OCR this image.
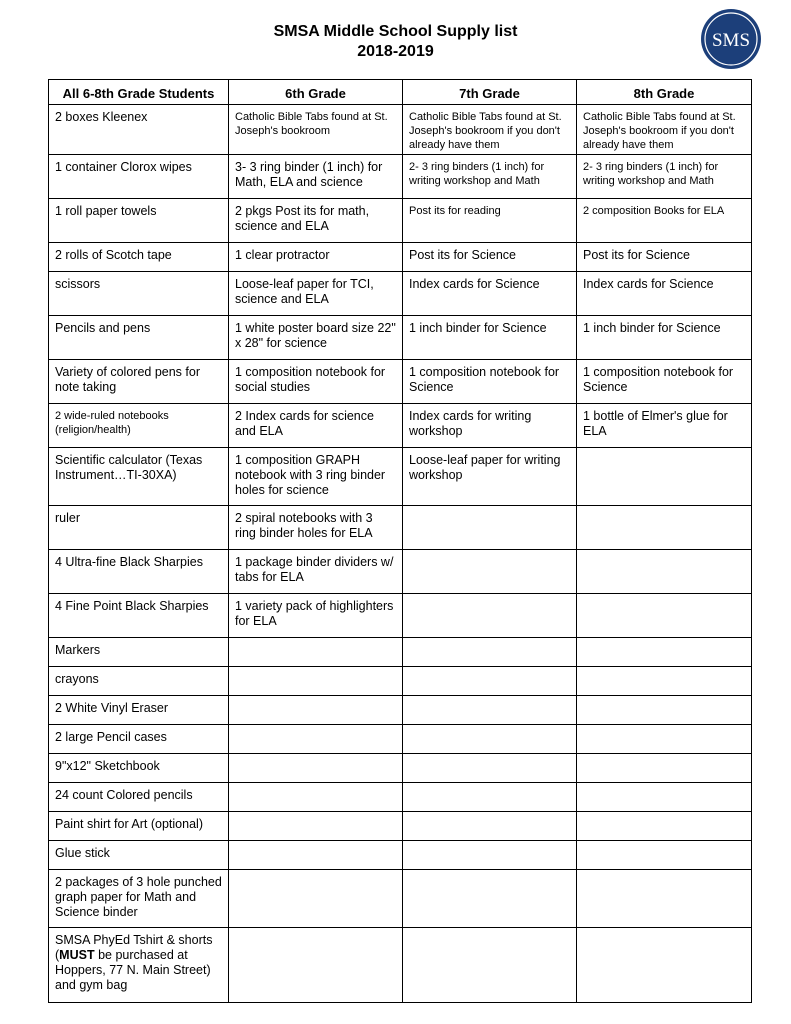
SMSA Middle School Supply list
2018-2019
SMS
All 6-8th Grade Students	6th Grade	7th Grade	8th Grade
2 boxes Kleenex	Catholic Bible Tabs found at St. Joseph's bookroom	Catholic Bible Tabs found at St. Joseph's bookroom if you don't already have them	Catholic Bible Tabs found at St. Joseph's bookroom if you don't already have them
1 container Clorox wipes	3- 3 ring binder (1 inch) for Math, ELA and science	2- 3 ring binders (1 inch) for writing workshop and Math	2- 3 ring binders (1 inch) for writing workshop and Math
1 roll paper towels	2 pkgs Post its for math, science and ELA	Post its for reading	2 composition Books for ELA
2 rolls of Scotch tape	1 clear protractor	Post its for Science	Post its for Science
scissors	Loose-leaf paper for TCI, science and ELA	Index cards for Science	Index cards for Science
Pencils and pens	1 white poster board size 22" x 28" for science	1 inch binder for Science	1 inch binder for Science
Variety of colored pens for note taking	1 composition notebook for social studies	1 composition notebook for Science	1 composition notebook for Science
2 wide-ruled notebooks (religion/health)	2 Index cards for science and ELA	Index cards for writing workshop	1 bottle of Elmer's glue for ELA
Scientific calculator (Texas Instrument…TI-30XA)	1 composition GRAPH notebook with 3 ring binder holes for science	Loose-leaf paper for writing workshop	
ruler	2 spiral notebooks with 3 ring binder holes for ELA		
4 Ultra-fine Black Sharpies	1 package binder dividers w/ tabs for ELA		
4 Fine Point Black Sharpies	1 variety pack of highlighters for ELA		
Markers			
crayons			
2 White Vinyl Eraser			
2 large Pencil cases			
9"x12" Sketchbook			
24 count Colored pencils			
Paint shirt for Art (optional)			
Glue stick			
2 packages of 3 hole punched graph paper for Math and Science binder			
SMSA PhyEd Tshirt & shorts (MUST be purchased at Hoppers, 77 N. Main Street) and gym bag			
